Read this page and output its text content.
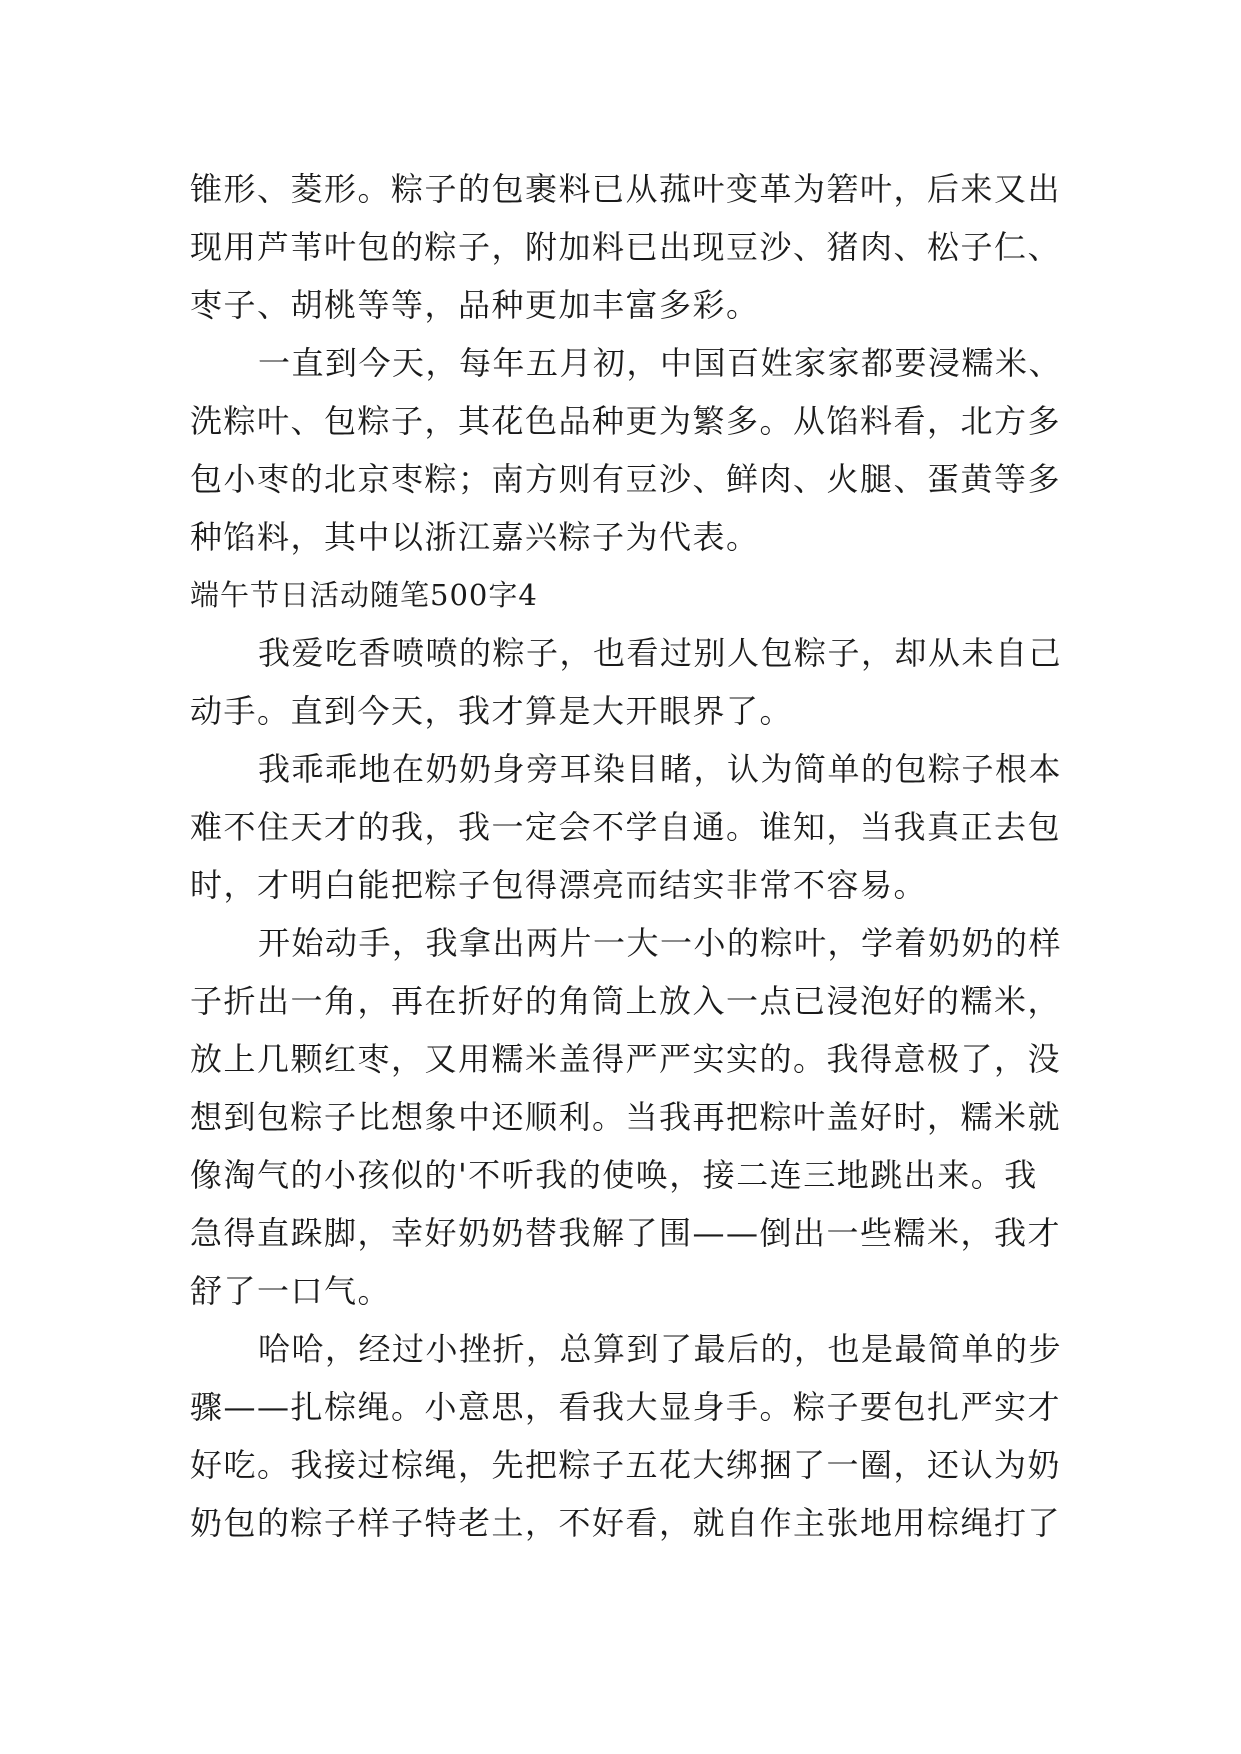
锥形、菱形。粽子的包裹料已从菰叶变革为箬叶，后来又出
现用芦苇叶包的粽子，附加料已出现豆沙、猪肉、松子仁、
枣子、胡桃等等，品种更加丰富多彩。
一直到今天，每年五月初，中国百姓家家都要浸糯米、
洗粽叶、包粽子，其花色品种更为繁多。从馅料看，北方多
包小枣的北京枣粽；南方则有豆沙、鲜肉、火腿、蛋黄等多
种馅料，其中以浙江嘉兴粽子为代表。
端午节日活动随笔500字4
我爱吃香喷喷的粽子，也看过别人包粽子，却从未自己
动手。直到今天，我才算是大开眼界了。
我乖乖地在奶奶身旁耳染目睹，认为简单的包粽子根本
难不住天才的我，我一定会不学自通。谁知，当我真正去包
时，才明白能把粽子包得漂亮而结实非常不容易。
开始动手，我拿出两片一大一小的粽叶，学着奶奶的样
子折出一角，再在折好的角筒上放入一点已浸泡好的糯米，
放上几颗红枣，又用糯米盖得严严实实的。我得意极了，没
想到包粽子比想象中还顺利。当我再把粽叶盖好时，糯米就
像淘气的小孩似的'不听我的使唤，接二连三地跳出来。我
急得直跺脚，幸好奶奶替我解了围——倒出一些糯米，我才
舒了一口气。
哈哈，经过小挫折，总算到了最后的，也是最简单的步
骤——扎棕绳。小意思，看我大显身手。粽子要包扎严实才
好吃。我接过棕绳，先把粽子五花大绑捆了一圈，还认为奶
奶包的粽子样子特老土，不好看，就自作主张地用棕绳打了
